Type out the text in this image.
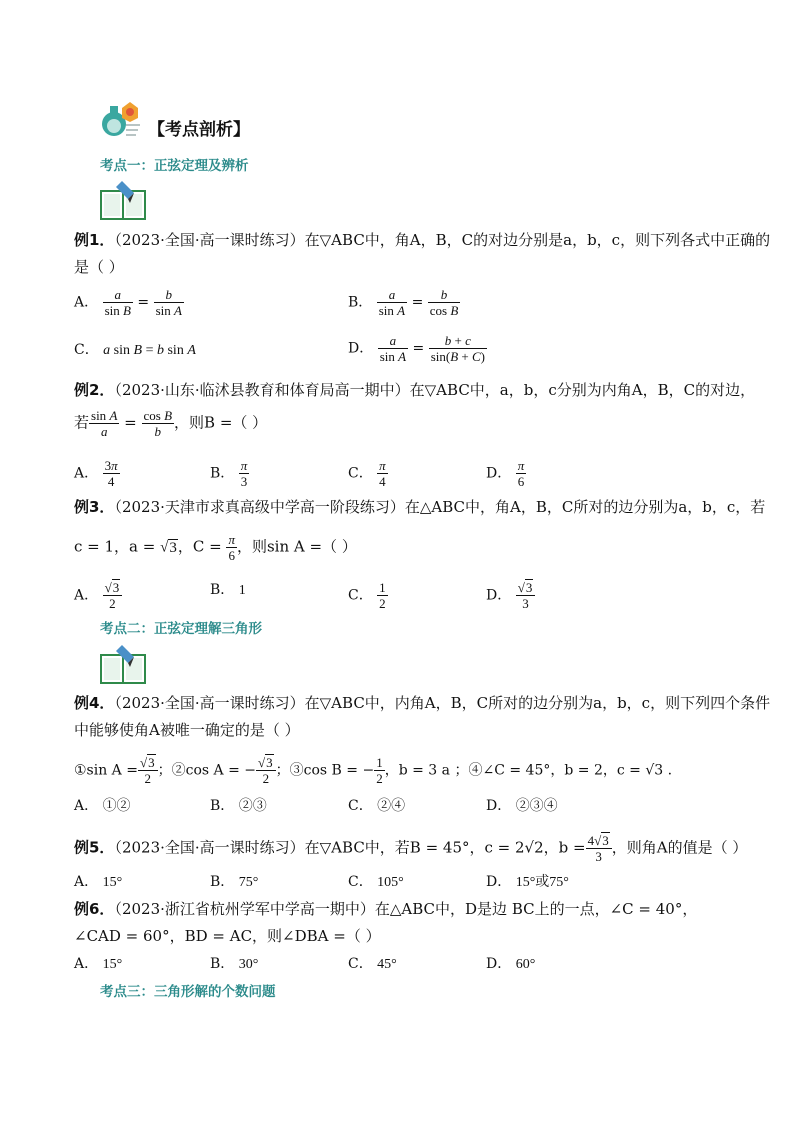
【考点剖析】
考点一：正弦定理及辨析
例1．（2023·全国·高一课时练习）在▽ABC中，角A，B，C的对边分别是a，b，c，则下列各式中正确的
是（ ）
A． $\frac{a}{\text{sin B}} = \frac{b}{\text{sin A}}$	B． $\frac{a}{\text{sin A}} = \frac{b}{\text{cos B}}$
C． a sin B = b sin A	D． $\frac{a}{\text{sin A}} = \frac{b + c}{\sin(B + C)}$
例2．（2023·山东·临沭县教育和体育局高一期中）在▽ABC中，a，b，c分别为内角A，B，C的对边，
若 $\frac{\text{sin A}}{a} = \frac{\text{cos B}}{b}$ ，则B =（ ）
A． $\frac{3\pi}{4}$	B． $\frac{\pi}{3}$	C． $\frac{\pi}{4}$	D． $\frac{\pi}{6}$
例3．（2023·天津市求真高级中学高一阶段练习）在△ABC中，角A，B，C所对的边分别为a，b，c，若
c = 1，a = √3，$C = \frac{\pi}{6}$ ，则sin A =（ ）
A． $\frac{√3}{2}$	B． 1	C． $\frac{1}{2}$	D． $\frac{√3}{3}$
考点二：正弦定理解三角形
例4．（2023·全国·高一课时练习）在▽ABC中，内角A，B，C所对的边分别为a，b，c，则下列四个条件
中能够使角A被唯一确定的是（ ）
①sin $A = \frac{√3}{2}$ ；②cos A = − $\frac{√3}{2}$ ；③cos B = − $\frac{1}{2}$ ，b = 3 a ；④∠C = 45°，b = 2，c = √3 .
A． ①②	B． ②③	C． ②④	D． ②③④
例5．（2023·全国·高一课时练习）在▽ABC中，若B = 45°，c = 2√2，$b = \frac{4√3}{3}$ ，则角A的值是（ ）
A． 15°	B． 75°	C． 105°	D． 15°或75°
例6．（2023·浙江省杭州学军中学高一期中）在△ABC中，D是边 BC上的一点，∠C = 40°，
∠CAD = 60°，BD = AC，则∠DBA =（ ）
A． 15°	B． 30°	C． 45°	D． 60°
考点三：三角形解的个数问题
